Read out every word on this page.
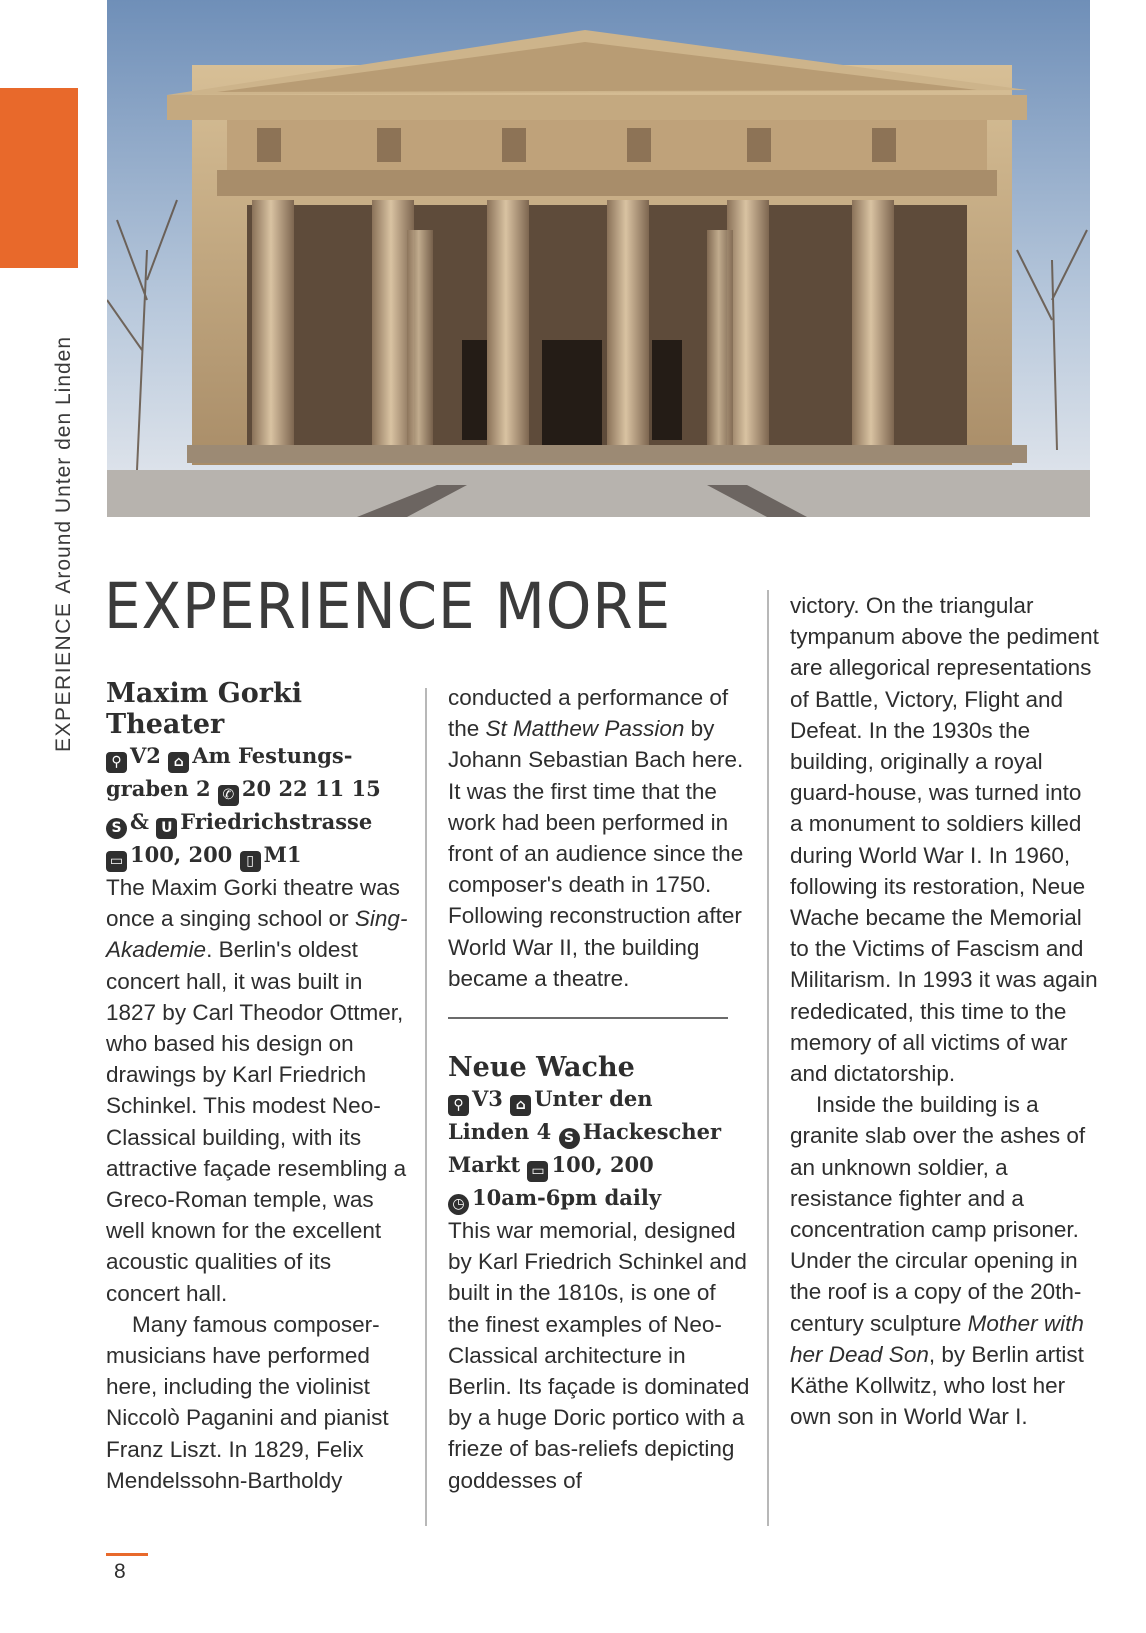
EXPERIENCEAround Unter den Linden
EXPERIENCE MORE
Maxim Gorki Theater
⚲ V2 ⌂ Am Festungs-
graben 2 ✆ 20 22 11 15
S & U Friedrichstrasse
▭ 100, 200 ▯ M1

The Maxim Gorki theatre was once a singing school or Sing-Akademie. Berlin's oldest concert hall, it was built in 1827 by Carl Theodor Ottmer, who based his design on drawings by Karl Friedrich Schinkel. This modest Neo-Classical building, with its attractive façade resembling a Greco-Roman temple, was well known for the excellent acoustic qualities of its concert hall.

Many famous composer-musicians have performed here, including the violinist Niccolò Paganini and pianist Franz Liszt. In 1829, Felix Mendelssohn-Bartholdy

conducted a performance of the St Matthew Passion by Johann Sebastian Bach here. It was the first time that the work had been performed in front of an audience since the composer's death in 1750. Following reconstruction after World War II, the building became a theatre.

Neue Wache
⚲ V3 ⌂ Unter den
Linden 4 S Hackescher Markt ▭ 100, 200
◷ 10am-6pm daily

This war memorial, designed by Karl Friedrich Schinkel and built in the 1810s, is one of the finest examples of Neo-Classical architecture in Berlin. Its façade is dominated by a huge Doric portico with a frieze of bas-reliefs depicting goddesses of

victory. On the triangular tympanum above the pediment are allegorical representations of Battle, Victory, Flight and Defeat. In the 1930s the building, originally a royal guard-house, was turned into a monument to soldiers killed during World War I. In 1960, following its restoration, Neue Wache became the Memorial to the Victims of Fascism and Militarism. In 1993 it was again rededicated, this time to the memory of all victims of war and dictatorship.

Inside the building is a granite slab over the ashes of an unknown soldier, a resistance fighter and a concentration camp prisoner. Under the circular opening in the roof is a copy of the 20th-century sculpture Mother with her Dead Son, by Berlin artist Käthe Kollwitz, who lost her own son in World War I.

8
